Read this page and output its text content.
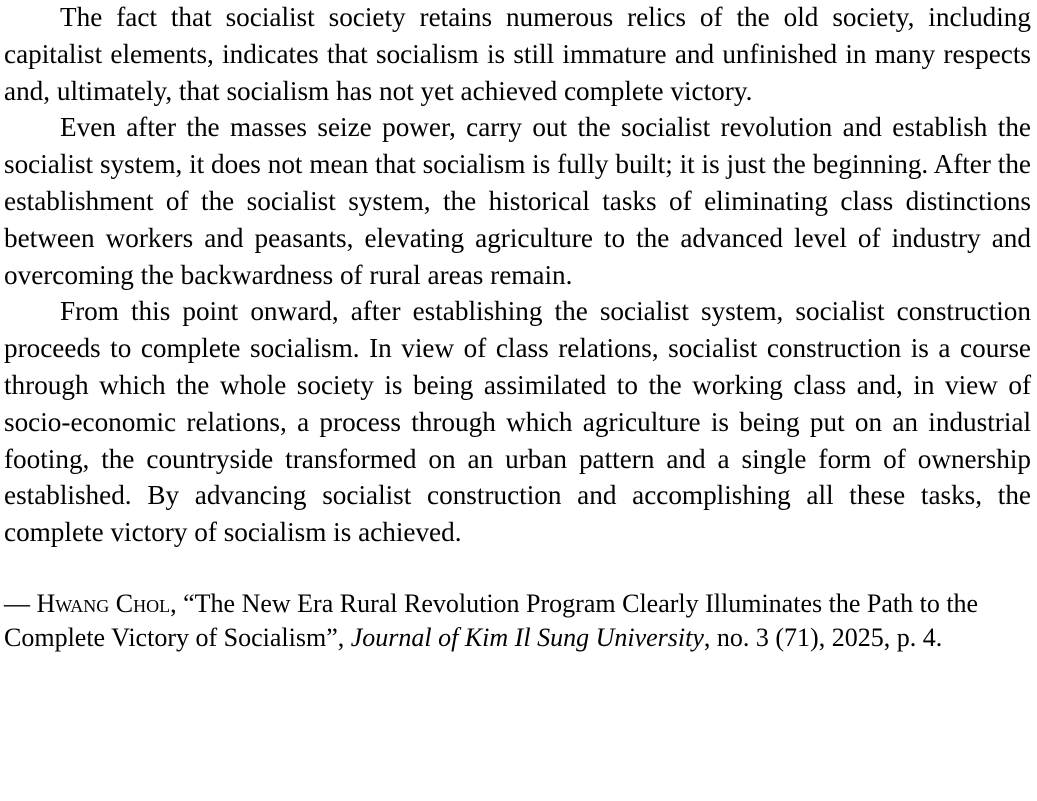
The fact that socialist society retains numerous relics of the old society, including capitalist elements, indicates that socialism is still immature and unfinished in many respects and, ultimately, that socialism has not yet achieved complete victory.

Even after the masses seize power, carry out the socialist revolution and establish the socialist system, it does not mean that socialism is fully built; it is just the beginning. After the establishment of the socialist system, the historical tasks of eliminating class distinctions between workers and peasants, elevating agriculture to the advanced level of industry and overcoming the backwardness of rural areas remain.

From this point onward, after establishing the socialist system, socialist construction proceeds to complete socialism. In view of class relations, socialist construction is a course through which the whole society is being assimilated to the working class and, in view of socio-economic relations, a process through which agriculture is being put on an industrial footing, the countryside transformed on an urban pattern and a single form of ownership established. By advancing socialist construction and accomplishing all these tasks, the complete victory of socialism is achieved.

— Hwang Chol, “The New Era Rural Revolution Program Clearly Illuminates the Path to the Complete Victory of Socialism”, Journal of Kim Il Sung University, no. 3 (71), 2025, p. 4.
